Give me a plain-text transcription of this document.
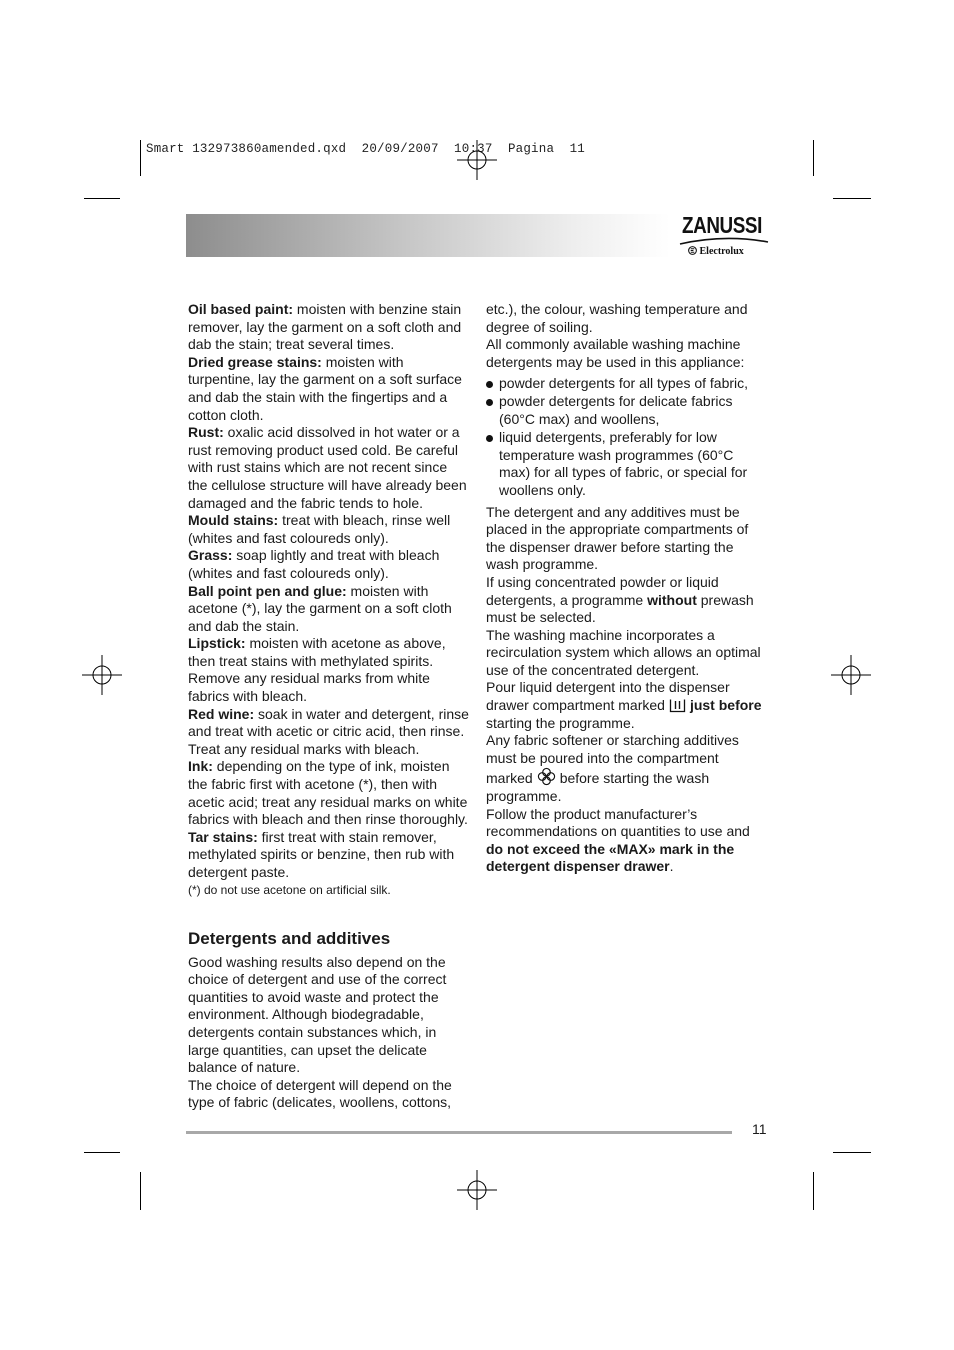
Smart 132973860amended.qxd  20/09/2007  10:37  Pagina  11
ZANUSSI
Electrolux

Oil based paint: moisten with benzine stain remover, lay the garment on a soft cloth and dab the stain; treat several times.

Dried grease stains: moisten with turpentine, lay the garment on a soft surface and dab the stain with the fingertips and a cotton cloth.

Rust: oxalic acid dissolved in hot water or a rust removing product used cold. Be careful with rust stains which are not recent since the cellulose structure will have already been damaged and the fabric tends to hole.

Mould stains: treat with bleach, rinse well (whites and fast coloureds only).

Grass: soap lightly and treat with bleach (whites and fast coloureds only).

Ball point pen and glue: moisten with acetone (*), lay the garment on a soft cloth and dab the stain.

Lipstick: moisten with acetone as above, then treat stains with methylated spirits. Remove any residual marks from white fabrics with bleach.

Red wine: soak in water and detergent, rinse and treat with acetic or citric acid, then rinse. Treat any residual marks with bleach.

Ink: depending on the type of ink, moisten the fabric first with acetone (*), then with acetic acid; treat any residual marks on white fabrics with bleach and then rinse thoroughly.

Tar stains: first treat with stain remover, methylated spirits or benzine, then rub with detergent paste.

(*) do not use acetone on artificial silk.

Detergents and additives

Good washing results also depend on the choice of detergent and use of the correct quantities to avoid waste and protect the environment. Although biodegradable, detergents contain substances which, in large quantities, can upset the delicate balance of nature.

The choice of detergent will depend on the type of fabric (delicates, woollens, cottons,

etc.), the colour, washing temperature and degree of soiling.

All commonly available washing machine detergents may be used in this appliance:

powder detergents for all types of fabric,
powder detergents for delicate fabrics (60°C max) and woollens,
liquid detergents, preferably for low temperature wash programmes (60°C max) for all types of fabric, or special for woollens only.

The detergent and any additives must be placed in the appropriate compartments of the dispenser drawer before starting the wash programme.

If using concentrated powder or liquid detergents, a programme without prewash must be selected.

The washing machine incorporates a recirculation system which allows an optimal use of the concentrated detergent.

Pour liquid detergent into the dispenser drawer compartment marked just before starting the programme.

Any fabric softener or starching additives must be poured into the compartment marked before starting the wash programme.

Follow the product manufacturer’s recommendations on quantities to use and do not exceed the «MAX» mark in the detergent dispenser drawer.

11
